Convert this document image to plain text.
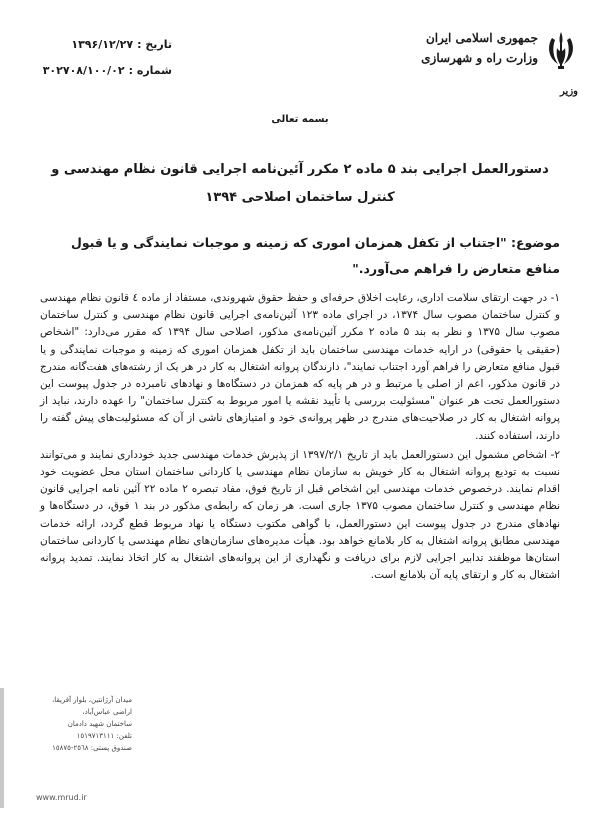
جمهوری اسلامی ایران
وزارت راه و شهرسازی
وزیر
تاریخ :
۱۳۹۶/۱۲/۲۷
شماره :
۳۰۲۷۰۸/۱۰۰/۰۲
بسمه تعالی
دستورالعمل اجرایی بند ۵ ماده ۲ مکرر آئین‌نامه اجرایی قانون نظام مهندسی و کنترل ساختمان اصلاحی ۱۳۹۴
موضوع: "اجتناب از تکفل همزمان اموری که زمینه و موجبات نمایندگی و یا قبول منافع متعارض را فراهم می‌آورد."

۱- در جهت ارتقای سلامت اداری، رعایت اخلاق حرفه‌ای و حفظ حقوق شهروندی، مستفاد از ماده ٤ قانون نظام مهندسی و کنترل ساختمان مصوب سال ۱۳۷۴، در اجرای ماده ۱۲۳ آئین‌نامه‌ی اجرایی قانون نظام مهندسی و کنترل ساختمان مصوب سال ۱۳۷۵ و نظر به بند ۵ ماده ۲ مکرر آئین‌نامه‌ی مذکور، اصلاحی سال ۱۳۹۴ که مقرر می‌دارد: "اشخاص (حقیقی یا حقوقی) در ارایه خدمات مهندسی ساختمان باید از تکفل همزمان اموری که زمینه و موجبات نمایندگی و یا قبول منافع متعارض را فراهم آورد اجتناب نمایند"، دارندگان پروانه اشتغال به کار در هر یک از رشته‌های هفت‌گانه مندرج در قانون مذکور، اعم از اصلی یا مرتبط و در هر پایه که همزمان در دستگاه‌ها و نهادهای نامبرده در جدول پیوست این دستورالعمل تحت هر عنوان "مسئولیت بررسی یا تأیید نقشه یا امور مربوط به کنترل ساختمان" را عهده دارند، نباید از پروانه اشتغال به کار در صلاحیت‌های مندرج در ظهر پروانه‌ی خود و امتیازهای ناشی از آن که مسئولیت‌های پیش گفته را دارند، استفاده کنند.

۲- اشخاص مشمول این دستورالعمل باید از تاریخ ۱۳۹۷/۲/۱ از پذیرش خدمات مهندسی جدید خودداری نمایند و می‌توانند نسبت به تودیع پروانه اشتغال به کار خویش به سازمان نظام مهندسی یا کاردانی ساختمان استان محل عضویت خود اقدام نمایند. درخصوص خدمات مهندسی این اشخاص قبل از تاریخ فوق، مفاد تبصره ۲ ماده ۲۲ آئین نامه اجرایی قانون نظام مهندسی و کنترل ساختمان مصوب ۱۳۷۵ جاری است. هر زمان که رابطه‌ی مذکور در بند ۱ فوق، در دستگاه‌ها و نهادهای مندرج در جدول پیوست این دستورالعمل، با گواهی مکتوب دستگاه یا نهاد مربوط قطع گردد، ارائه خدمات مهندسی مطابق پروانه اشتغال به کار بلامانع خواهد بود. هیأت مدیره‌های سازمان‌های نظام مهندسی یا کاردانی ساختمان استان‌ها موظفند تدابیر اجرایی لازم برای دریافت و نگهداری از این پروانه‌های اشتغال به کار اتخاذ نمایند. تمدید پروانه اشتغال به کار و ارتقای پایه آن بلامانع است.

میدان آرژانتین، بلوار آفریقا،
اراضی عباس‌آباد،
ساختمان شهید دادمان
تلفن: ۱٥١٩٧١٣١١١
صندوق پستی: ۲٥٦٨-۱٥٨٧٥
www.mrud.ir
